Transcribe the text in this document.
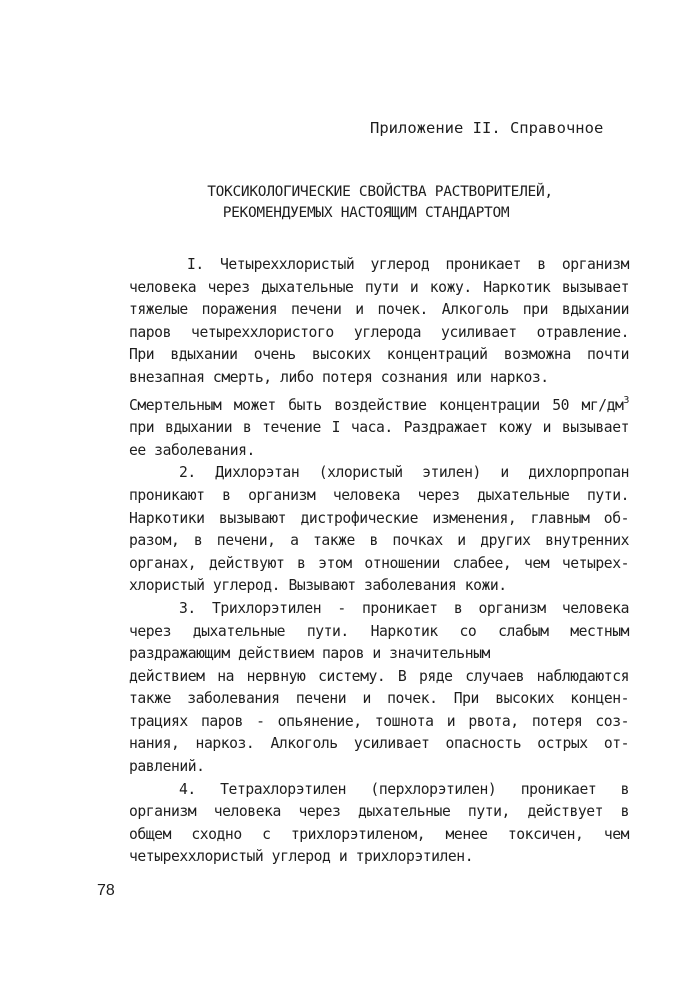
Приложение II. Справочное
ТОКСИКОЛОГИЧЕСКИЕ СВОЙСТВА РАСТВОРИТЕЛЕЙ,
РЕКОМЕНДУЕМЫХ НАСТОЯЩИМ СТАНДАРТОМ
I. Четыреххлористый углерод проникает в организм
человека через дыхательные пути и кожу. Наркотик вызывает
тяжелые поражения печени и почек. Алкоголь при вдыхании
паров четыреххлористого углерода усиливает отравление.
При вдыхании очень высоких концентраций возможна почти
внезапная смерть, либо потеря сознания или наркоз.
Смертельным может быть воздействие концентрации 50 $мг/дм^3$
при вдыхании в течение I часа. Раздражает кожу и вызывает
ее заболевания.
2. Дихлорэтан (хлористый этилен) и дихлорпропан
проникают в организм человека через дыхательные пути.
Наркотики вызывают дистрофические изменения, главным об-
разом, в печени, а также в почках и других внутренних
органах, действуют в этом отношении слабее, чем четырех-
хлористый углерод. Вызывают заболевания кожи.
3. Трихлорэтилен - проникает в организм человека
через дыхательные пути. Наркотик со слабым местным
раздражающим действием паров и значительным
действием на нервную систему. В ряде случаев наблюдаются
также заболевания печени и почек. При высоких концен-
трациях паров - опьянение, тошнота и рвота, потеря соз-
нания, наркоз. Алкоголь усиливает опасность острых от-
равлений.
4. Тетрахлорэтилен (перхлорэтилен) проникает в
организм человека через дыхательные пути, действует в
общем сходно с трихлорэтиленом, менее токсичен, чем
четыреххлористый углерод и трихлорэтилен.
78
